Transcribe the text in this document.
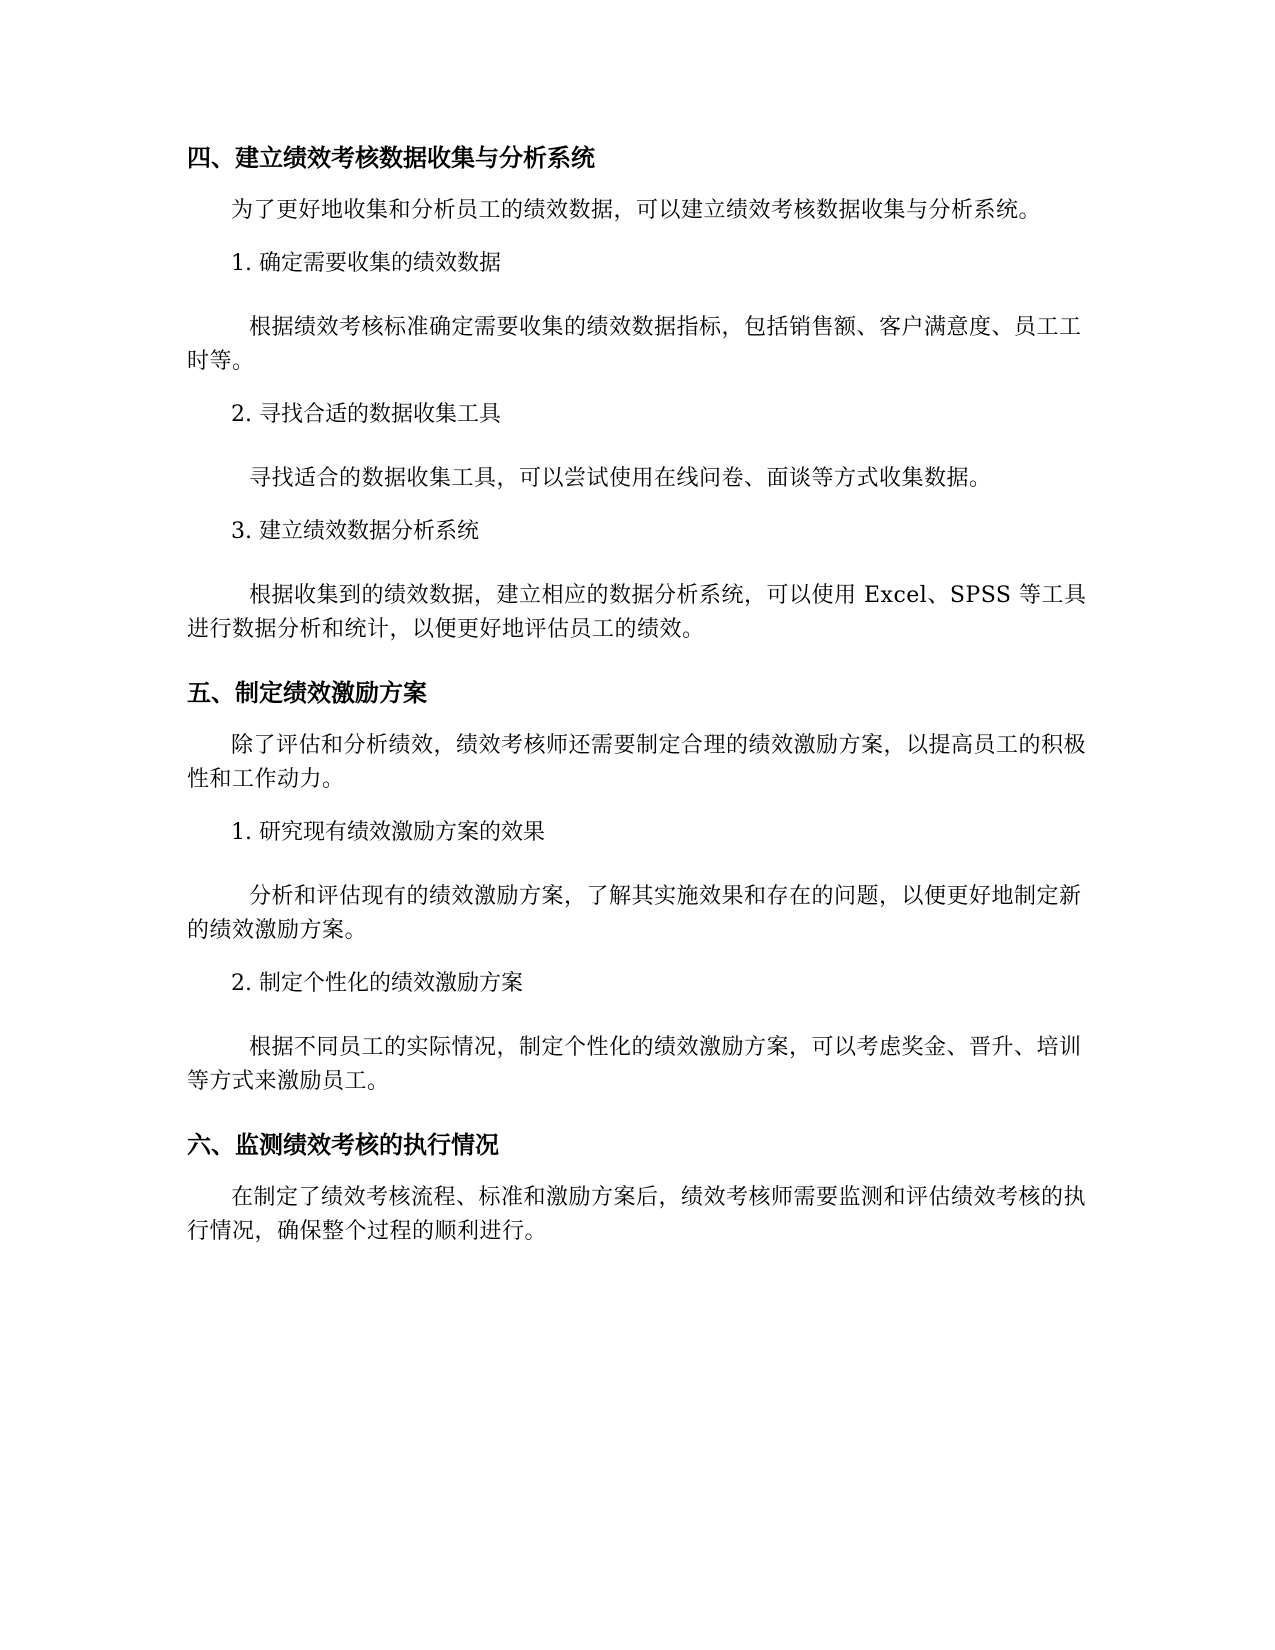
四、建立绩效考核数据收集与分析系统

为了更好地收集和分析员工的绩效数据，可以建立绩效考核数据收集与分析系统。

1. 确定需要收集的绩效数据

根据绩效考核标准确定需要收集的绩效数据指标，包括销售额、客户满意度、员工工时等。

2. 寻找合适的数据收集工具

寻找适合的数据收集工具，可以尝试使用在线问卷、面谈等方式收集数据。

3. 建立绩效数据分析系统

根据收集到的绩效数据，建立相应的数据分析系统，可以使用 Excel、SPSS 等工具进行数据分析和统计，以便更好地评估员工的绩效。

五、制定绩效激励方案

除了评估和分析绩效，绩效考核师还需要制定合理的绩效激励方案，以提高员工的积极性和工作动力。

1. 研究现有绩效激励方案的效果

分析和评估现有的绩效激励方案，了解其实施效果和存在的问题，以便更好地制定新的绩效激励方案。

2. 制定个性化的绩效激励方案

根据不同员工的实际情况，制定个性化的绩效激励方案，可以考虑奖金、晋升、培训等方式来激励员工。

六、监测绩效考核的执行情况

在制定了绩效考核流程、标准和激励方案后，绩效考核师需要监测和评估绩效考核的执行情况，确保整个过程的顺利进行。
